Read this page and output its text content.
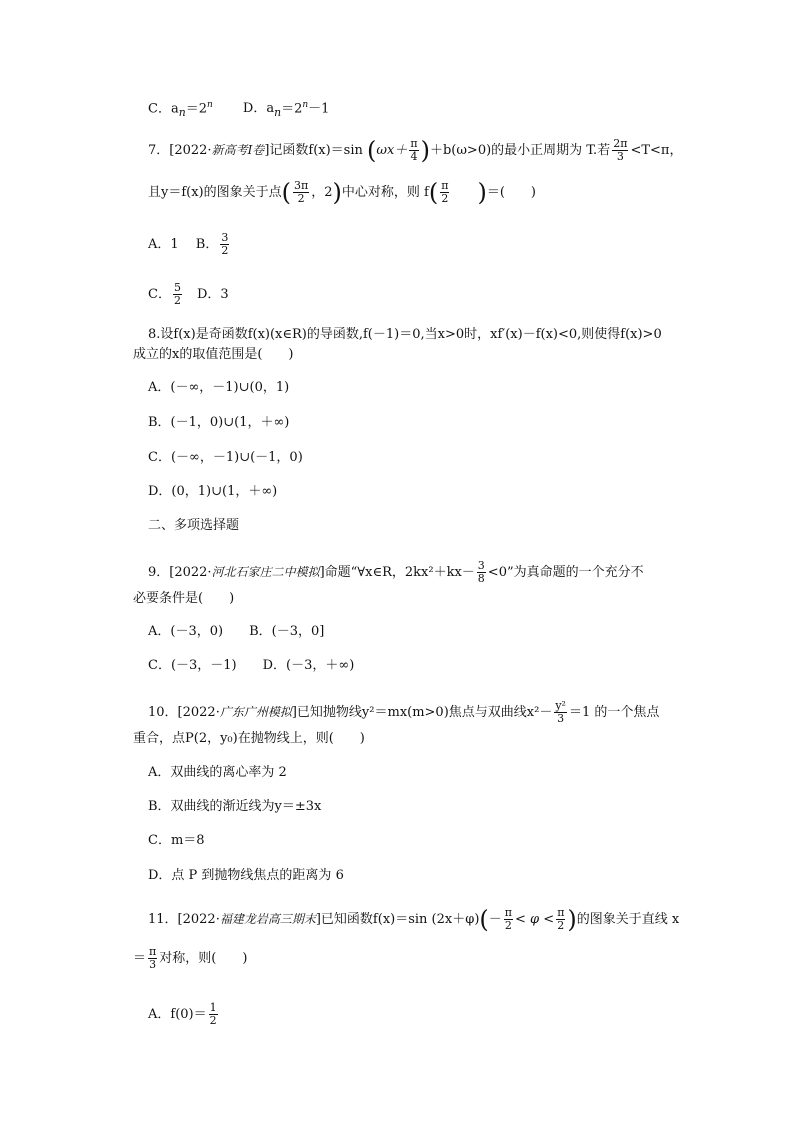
C．$a_n=2^n$ D．$a_n=2^n-1$
7．[2022·新高考Ⅰ卷]记函数f(x)＝sin $(\omega x+ \frac{\pi}{4} )+b(\omega>0)$的最小正周期为 T.若 $\frac{2\pi}{3} <T<\pi$，
且y＝f(x)的图象关于点( $\frac{3\pi}{2}$ ，2)中心对称，则 $f( \frac{\pi}{2}$ )＝(　　)
A．1　 B． $\frac{3}{2}$
C． $\frac{5}{2}$ 　D．3
8.设f(x)是奇函数f(x)(x∈R)的导函数,f(－1)＝0,当x>0时，xf′(x)－f(x)<0,则使得f(x)>0
成立的x的取值范围是(　　)
A．(－∞，－1)∪(0，1)
B．(－1，0)∪(1，＋∞)
C．(－∞，－1)∪(－1，0)
D．(0，1)∪(1，＋∞)
二、多项选择题
9．[2022·河北石家庄二中模拟]命题“∀x∈R，$2kx^2+kx- \frac{3}{8} <0$”为真命题的一个充分不
必要条件是(　　)
A．(－3，0)　　B．(－3，0]
C．(－3，－1)　　D．(－3，＋∞)
10．[2022·广东广州模拟]已知抛物线y²＝mx(m>0)焦点与双曲线$x^2- \frac{\text{y²}}{3} =1$ 的一个焦点
重合，点P(2，y₀)在抛物线上，则(　　)
A．双曲线的离心率为 2
B．双曲线的渐近线为y＝±3x
C．m＝8
D．点 P 到抛物线焦点的距离为 6
11．[2022·福建龙岩高三期末]已知函数f(x)＝sin $(2x+\varphi)(- \frac{\pi}{2} < \varphi < \frac{\pi}{2}$ )的图象关于直线 x
＝ $\frac{\pi}{3}$ 对称，则(　　)
A．$f(0)= \frac{1}{2}$
